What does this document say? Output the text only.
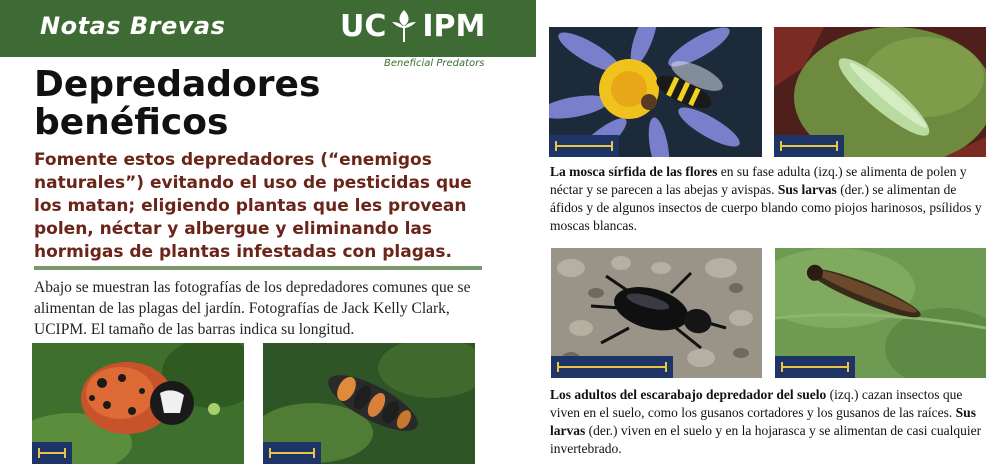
Notas Brevas	UC IPM
Beneficial Predators
Depredadores benéficos

Fomente estos depredadores (“enemigos naturales”) evitando el uso de pesticidas que los matan; eligiendo plantas que les provean polen, néctar y albergue y eliminando las hormigas de plantas infestadas con plagas.

Abajo se muestran las fotografías de los depredadores comunes que se alimentan de las plagas del jardín. Fotografías de Jack Kelly Clark, UCIPM. El tamaño de las barras indica su longitud.

La mosca sírfida de las flores en su fase adulta (izq.) se alimenta de polen y néctar y se parecen a las abejas y avispas. Sus larvas (der.) se alimentan de áfidos y de algunos insectos de cuerpo blando como piojos harinosos, psílidos y moscas blancas.

Los adultos del escarabajo depredador del suelo (izq.) cazan insectos que viven en el suelo, como los gusanos cortadores y los gusanos de las raíces. Sus larvas (der.) viven en el suelo y en la hojarasca y se alimentan de casi cualquier invertebrado.
